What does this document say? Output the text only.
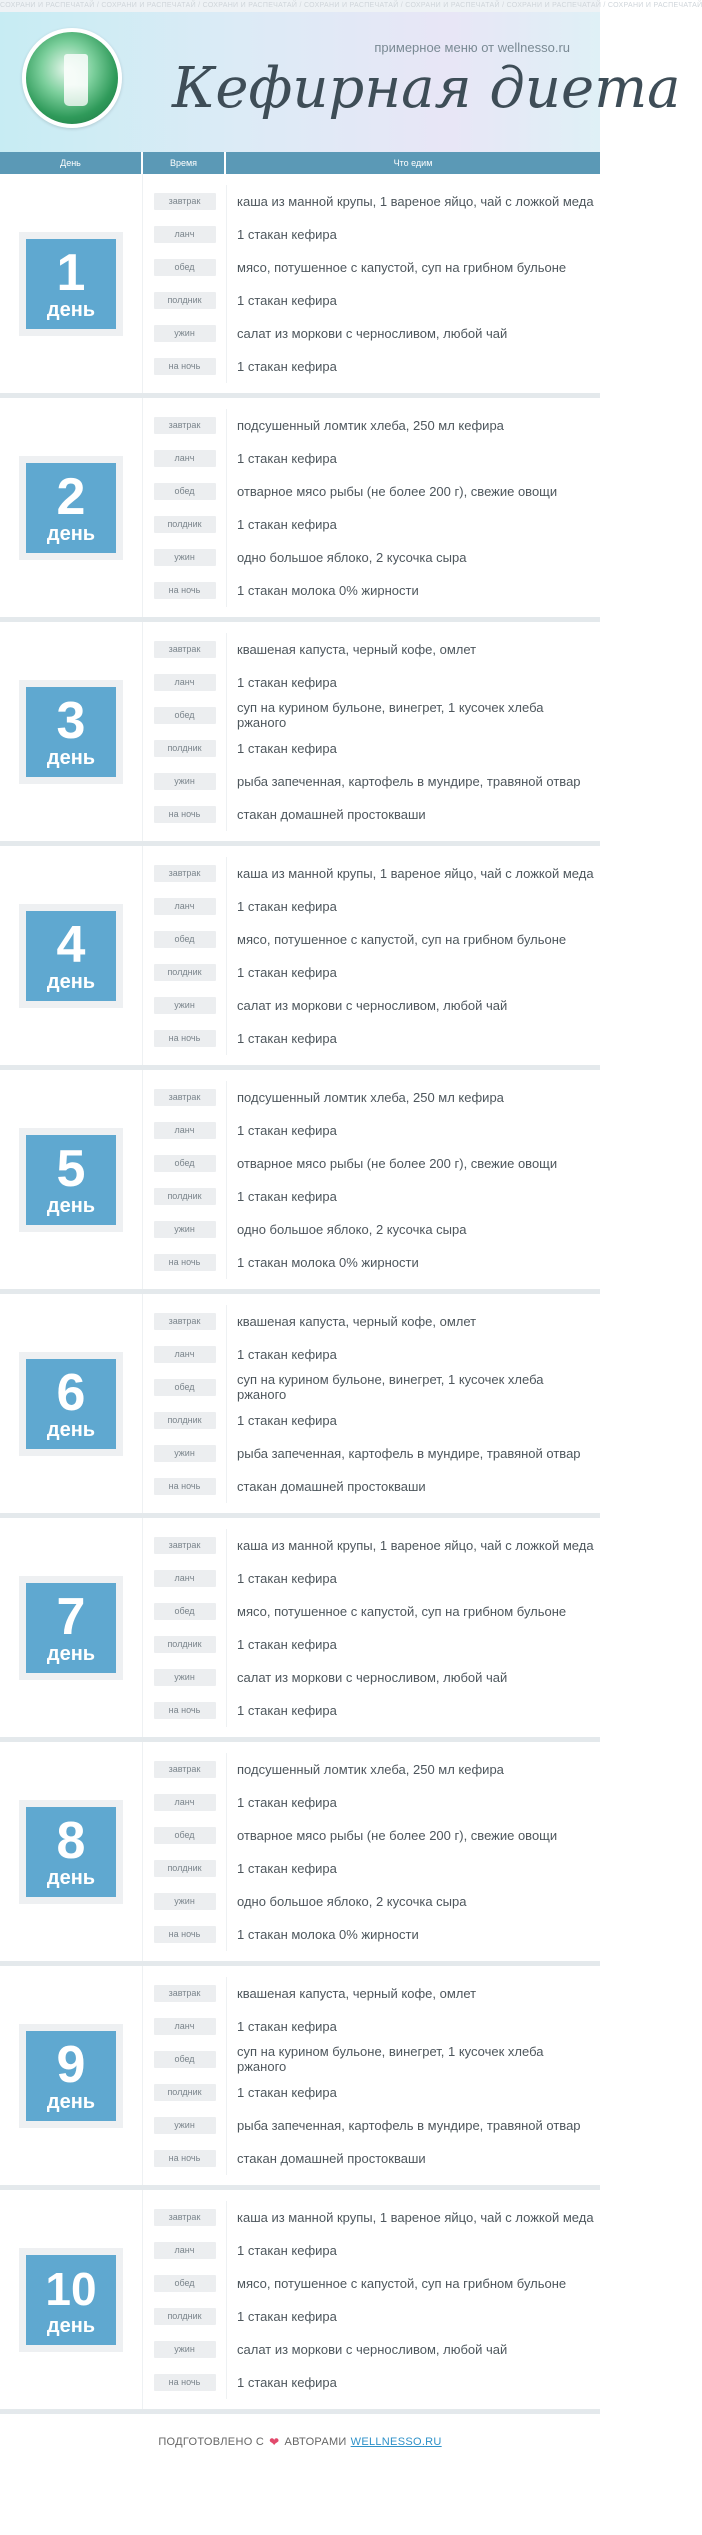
СОХРАНИ И РАСПЕЧАТАЙ / СОХРАНИ И РАСПЕЧАТАЙ / СОХРАНИ И РАСПЕЧАТАЙ / СОХРАНИ И РАСПЕЧАТАЙ / СОХРАНИ И РАСПЕЧАТАЙ / СОХРАНИ И РАСПЕЧАТАЙ / СОХРАНИ И РАСПЕЧАТАЙ
примерное меню от wellnesso.ru
Кефирная диета
День	Время	Что едим
1
день
завтрак	каша из манной крупы, 1 вареное яйцо, чай с ложкой меда
ланч	1 стакан кефира
обед	мясо, потушенное с капустой, суп на грибном бульоне
полдник	1 стакан кефира
ужин	салат из моркови с черносливом, любой чай
на ночь	1 стакан кефира
2
день
завтрак	подсушенный ломтик хлеба, 250 мл кефира
ланч	1 стакан кефира
обед	отварное мясо рыбы (не более 200 г), свежие овощи
полдник	1 стакан кефира
ужин	одно большое яблоко, 2 кусочка сыра
на ночь	1 стакан молока 0% жирности
3
день
завтрак	квашеная капуста, черный кофе, омлет
ланч	1 стакан кефира
обед	суп на курином бульоне, винегрет, 1 кусочек хлеба ржаного
полдник	1 стакан кефира
ужин	рыба запеченная, картофель в мундире, травяной отвар
на ночь	стакан домашней простокваши
4
день
завтрак	каша из манной крупы, 1 вареное яйцо, чай с ложкой меда
ланч	1 стакан кефира
обед	мясо, потушенное с капустой, суп на грибном бульоне
полдник	1 стакан кефира
ужин	салат из моркови с черносливом, любой чай
на ночь	1 стакан кефира
5
день
завтрак	подсушенный ломтик хлеба, 250 мл кефира
ланч	1 стакан кефира
обед	отварное мясо рыбы (не более 200 г), свежие овощи
полдник	1 стакан кефира
ужин	одно большое яблоко, 2 кусочка сыра
на ночь	1 стакан молока 0% жирности
6
день
завтрак	квашеная капуста, черный кофе, омлет
ланч	1 стакан кефира
обед	суп на курином бульоне, винегрет, 1 кусочек хлеба ржаного
полдник	1 стакан кефира
ужин	рыба запеченная, картофель в мундире, травяной отвар
на ночь	стакан домашней простокваши
7
день
завтрак	каша из манной крупы, 1 вареное яйцо, чай с ложкой меда
ланч	1 стакан кефира
обед	мясо, потушенное с капустой, суп на грибном бульоне
полдник	1 стакан кефира
ужин	салат из моркови с черносливом, любой чай
на ночь	1 стакан кефира
8
день
завтрак	подсушенный ломтик хлеба, 250 мл кефира
ланч	1 стакан кефира
обед	отварное мясо рыбы (не более 200 г), свежие овощи
полдник	1 стакан кефира
ужин	одно большое яблоко, 2 кусочка сыра
на ночь	1 стакан молока 0% жирности
9
день
завтрак	квашеная капуста, черный кофе, омлет
ланч	1 стакан кефира
обед	суп на курином бульоне, винегрет, 1 кусочек хлеба ржаного
полдник	1 стакан кефира
ужин	рыба запеченная, картофель в мундире, травяной отвар
на ночь	стакан домашней простокваши
10
день
завтрак	каша из манной крупы, 1 вареное яйцо, чай с ложкой меда
ланч	1 стакан кефира
обед	мясо, потушенное с капустой, суп на грибном бульоне
полдник	1 стакан кефира
ужин	салат из моркови с черносливом, любой чай
на ночь	1 стакан кефира
ПОДГОТОВЛЕНО С ❤ АВТОРАМИ WELLNESSO.RU
